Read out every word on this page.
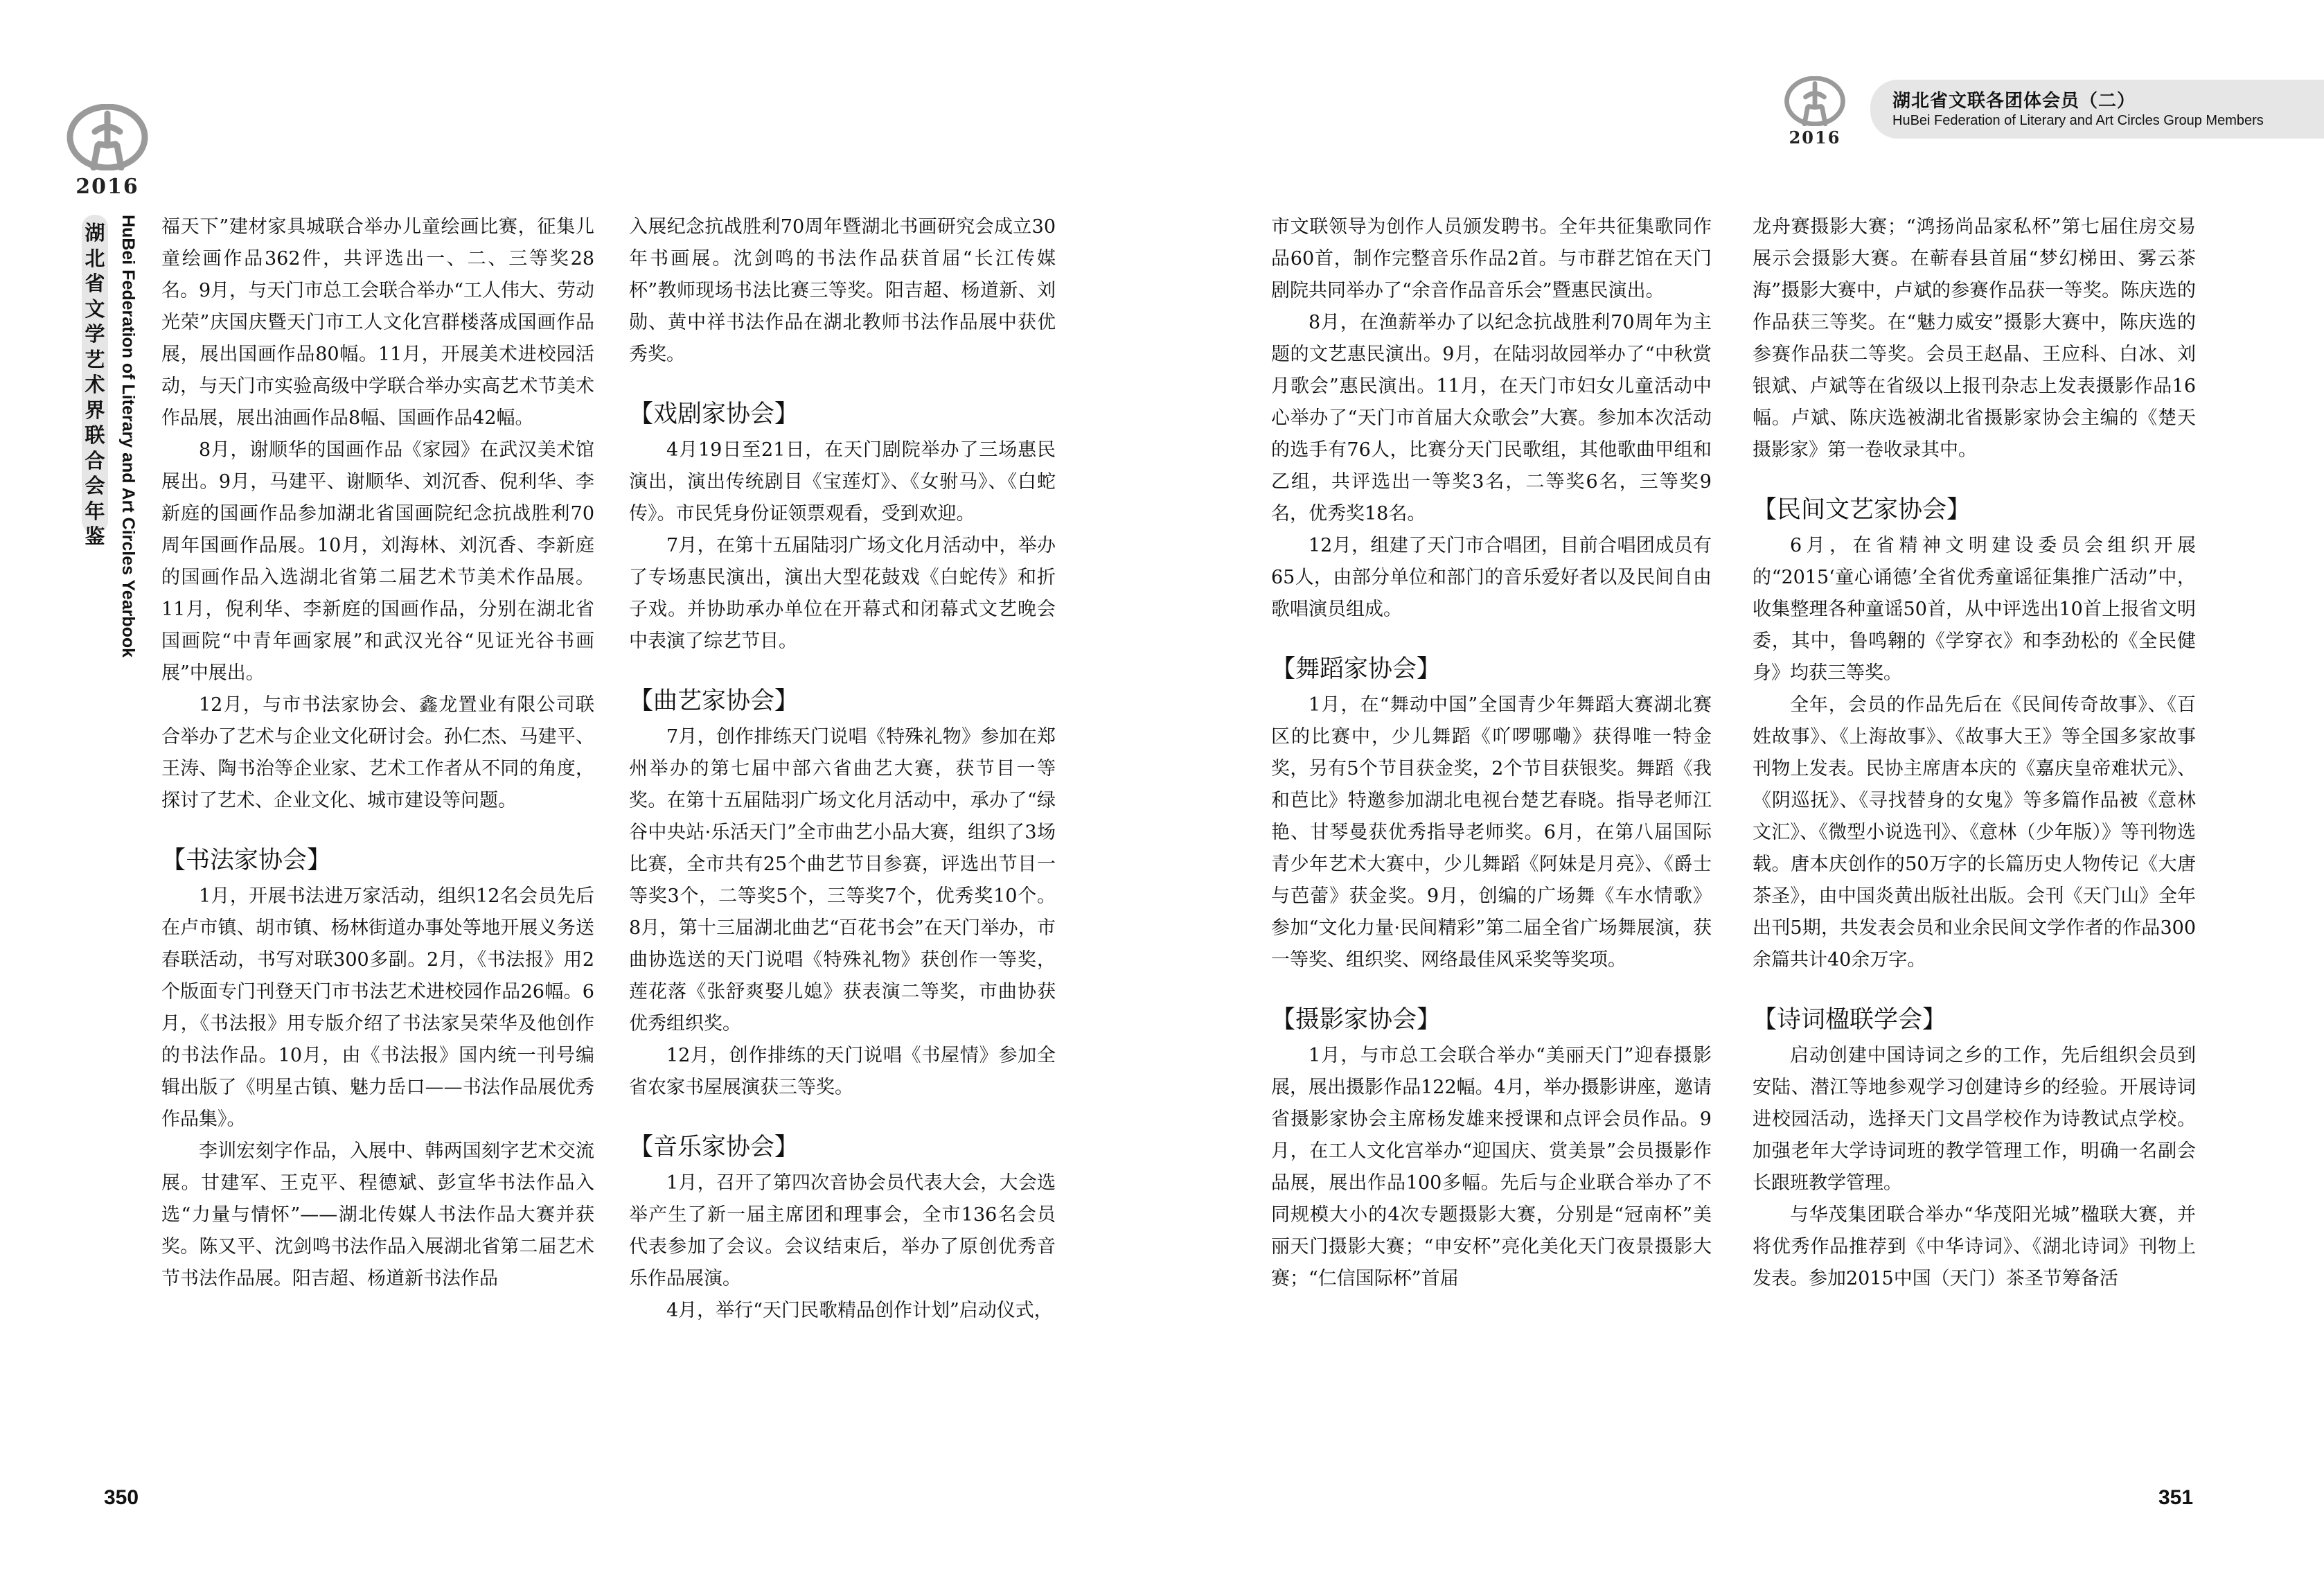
2016
湖
北
省
文
学
艺
术
界
联
合
会
年
鉴 HuBei Federation of Literary and Art Circles Yearbook
2016
湖北省文联各团体会员（二）
HuBei Federation of Literary and Art Circles Group Members

福天下”建材家具城联合举办儿童绘画比赛，征集儿童绘画作品362件，共评选出一、二、三等奖28名。9月，与天门市总工会联合举办“工人伟大、劳动光荣”庆国庆暨天门市工人文化宫群楼落成国画作品展，展出国画作品80幅。11月，开展美术进校园活动，与天门市实验高级中学联合举办实高艺术节美术作品展，展出油画作品8幅、国画作品42幅。

8月，谢顺华的国画作品《家园》在武汉美术馆展出。9月，马建平、谢顺华、刘沉香、倪利华、李新庭的国画作品参加湖北省国画院纪念抗战胜利70周年国画作品展。10月，刘海林、刘沉香、李新庭的国画作品入选湖北省第二届艺术节美术作品展。11月，倪利华、李新庭的国画作品，分别在湖北省国画院“中青年画家展”和武汉光谷“见证光谷书画展”中展出。

12月，与市书法家协会、鑫龙置业有限公司联合举办了艺术与企业文化研讨会。孙仁杰、马建平、王涛、陶书治等企业家、艺术工作者从不同的角度，探讨了艺术、企业文化、城市建设等问题。

【书法家协会】

1月，开展书法进万家活动，组织12名会员先后在卢市镇、胡市镇、杨林街道办事处等地开展义务送春联活动，书写对联300多副。2月，《书法报》用2个版面专门刊登天门市书法艺术进校园作品26幅。6月，《书法报》用专版介绍了书法家吴荣华及他创作的书法作品。10月，由《书法报》国内统一刊号编辑出版了《明星古镇、魅力岳口——书法作品展优秀作品集》。

李训宏刻字作品，入展中、韩两国刻字艺术交流展。甘建军、王克平、程德斌、彭宣华书法作品入选“力量与情怀”——湖北传媒人书法作品大赛并获奖。陈又平、沈剑鸣书法作品入展湖北省第二届艺术节书法作品展。阳吉超、杨道新书法作品

入展纪念抗战胜利70周年暨湖北书画研究会成立30年书画展。沈剑鸣的书法作品获首届“长江传媒杯”教师现场书法比赛三等奖。阳吉超、杨道新、刘勋、黄中祥书法作品在湖北教师书法作品展中获优秀奖。

【戏剧家协会】

4月19日至21日，在天门剧院举办了三场惠民演出，演出传统剧目《宝莲灯》、《女驸马》、《白蛇传》。市民凭身份证领票观看，受到欢迎。

7月，在第十五届陆羽广场文化月活动中，举办了专场惠民演出，演出大型花鼓戏《白蛇传》和折子戏。并协助承办单位在开幕式和闭幕式文艺晚会中表演了综艺节目。

【曲艺家协会】

7月，创作排练天门说唱《特殊礼物》参加在郑州举办的第七届中部六省曲艺大赛，获节目一等奖。在第十五届陆羽广场文化月活动中，承办了“绿谷中央站·乐活天门”全市曲艺小品大赛，组织了3场比赛，全市共有25个曲艺节目参赛，评选出节目一等奖3个，二等奖5个，三等奖7个，优秀奖10个。8月，第十三届湖北曲艺“百花书会”在天门举办，市曲协选送的天门说唱《特殊礼物》获创作一等奖，莲花落《张舒爽娶儿媳》获表演二等奖，市曲协获优秀组织奖。

12月，创作排练的天门说唱《书屋情》参加全省农家书屋展演获三等奖。

【音乐家协会】

1月，召开了第四次音协会员代表大会，大会选举产生了新一届主席团和理事会，全市136名会员代表参加了会议。会议结束后，举办了原创优秀音乐作品展演。

4月，举行“天门民歌精品创作计划”启动仪式，

市文联领导为创作人员颁发聘书。全年共征集歌同作品60首，制作完整音乐作品2首。与市群艺馆在天门剧院共同举办了“余音作品音乐会”暨惠民演出。

8月，在渔薪举办了以纪念抗战胜利70周年为主题的文艺惠民演出。9月，在陆羽故园举办了“中秋赏月歌会”惠民演出。11月，在天门市妇女儿童活动中心举办了“天门市首届大众歌会”大赛。参加本次活动的选手有76人，比赛分天门民歌组，其他歌曲甲组和乙组，共评选出一等奖3名，二等奖6名，三等奖9名，优秀奖18名。

12月，组建了天门市合唱团，目前合唱团成员有65人，由部分单位和部门的音乐爱好者以及民间自由歌唱演员组成。

【舞蹈家协会】

1月，在“舞动中国”全国青少年舞蹈大赛湖北赛区的比赛中，少儿舞蹈《吖啰哪嘞》获得唯一特金奖，另有5个节目获金奖，2个节目获银奖。舞蹈《我和芭比》特邀参加湖北电视台楚艺春晓。指导老师江艳、甘琴曼获优秀指导老师奖。6月，在第八届国际青少年艺术大赛中，少儿舞蹈《阿妹是月亮》、《爵士与芭蕾》获金奖。9月，创编的广场舞《车水情歌》参加“文化力量·民间精彩”第二届全省广场舞展演，获一等奖、组织奖、网络最佳风采奖等奖项。

【摄影家协会】

1月，与市总工会联合举办“美丽天门”迎春摄影展，展出摄影作品122幅。4月，举办摄影讲座，邀请省摄影家协会主席杨发雄来授课和点评会员作品。9月，在工人文化宫举办“迎国庆、赏美景”会员摄影作品展，展出作品100多幅。先后与企业联合举办了不同规模大小的4次专题摄影大赛，分别是“冠南杯”美丽天门摄影大赛；“申安杯”亮化美化天门夜景摄影大赛；“仁信国际杯”首届

龙舟赛摄影大赛；“鸿扬尚品家私杯”第七届住房交易展示会摄影大赛。在蕲春县首届“梦幻梯田、雾云茶海”摄影大赛中，卢斌的参赛作品获一等奖。陈庆选的作品获三等奖。在“魅力威安”摄影大赛中，陈庆选的参赛作品获二等奖。会员王赵晶、王应科、白冰、刘银斌、卢斌等在省级以上报刊杂志上发表摄影作品16幅。卢斌、陈庆选被湖北省摄影家协会主编的《楚天摄影家》第一卷收录其中。

【民间文艺家协会】

6月，在省精神文明建设委员会组织开展的“2015‘童心诵德’全省优秀童谣征集推广活动”中，收集整理各种童谣50首，从中评选出10首上报省文明委，其中，鲁鸣翱的《学穿衣》和李劲松的《全民健身》均获三等奖。

全年，会员的作品先后在《民间传奇故事》、《百姓故事》、《上海故事》、《故事大王》等全国多家故事刊物上发表。民协主席唐本庆的《嘉庆皇帝难状元》、《阴巡抚》、《寻找替身的女鬼》等多篇作品被《意林文汇》、《微型小说选刊》、《意林（少年版）》等刊物选载。唐本庆创作的50万字的长篇历史人物传记《大唐茶圣》，由中国炎黄出版社出版。会刊《天门山》全年出刊5期，共发表会员和业余民间文学作者的作品300余篇共计40余万字。

【诗词楹联学会】

启动创建中国诗词之乡的工作，先后组织会员到安陆、潜江等地参观学习创建诗乡的经验。开展诗词进校园活动，选择天门文昌学校作为诗教试点学校。加强老年大学诗词班的教学管理工作，明确一名副会长跟班教学管理。

与华茂集团联合举办“华茂阳光城”楹联大赛，并将优秀作品推荐到《中华诗词》、《湖北诗词》刊物上发表。参加2015中国（天门）茶圣节筹备活

350	351
